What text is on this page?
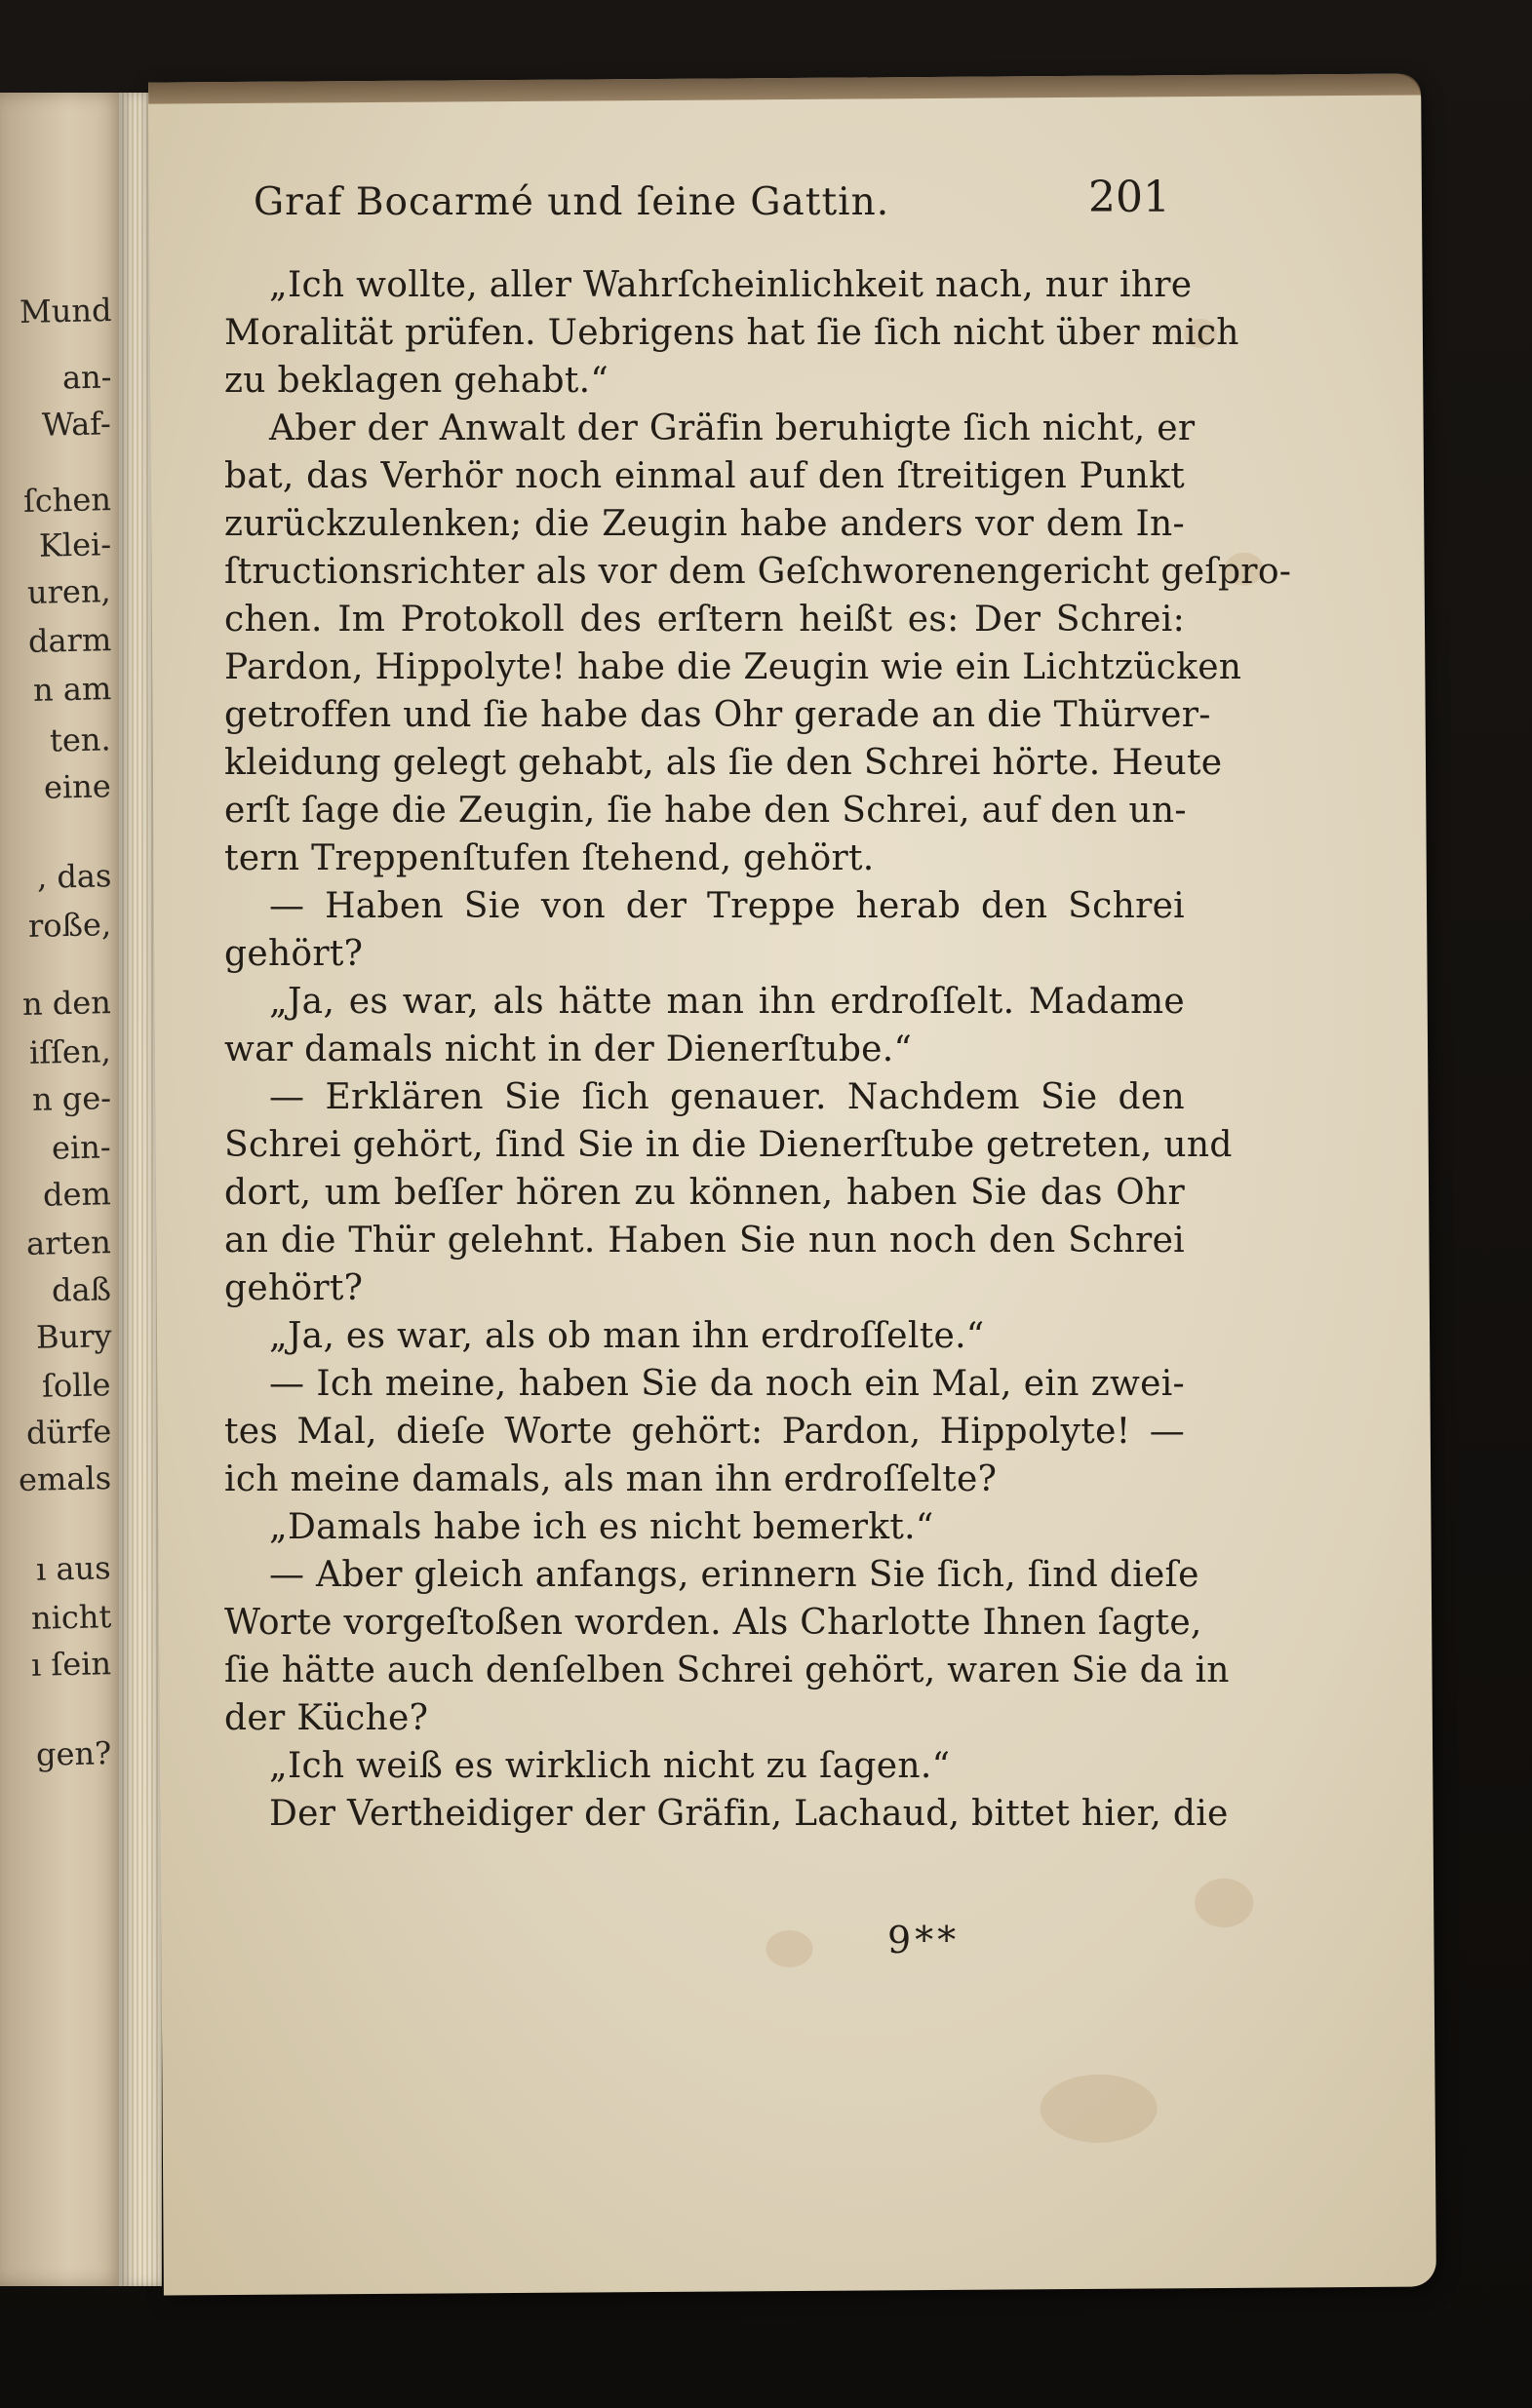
Mund
an-
Waf-
ſchen
Klei-
uren,
darm
n am
ten.
eine
, das
roße,
n den
iſſen,
n ge-
ein-
dem
arten
daß
Bury
ſolle
dürfe
emals
ı aus
nicht
ı ſein
gen?
Graf Bocarmé und ſeine Gattin.	201
„Ich wollte, aller Wahrſcheinlichkeit nach, nur ihre
Moralität prüfen. Uebrigens hat ſie ſich nicht über mich
zu beklagen gehabt.“
Aber der Anwalt der Gräfin beruhigte ſich nicht, er
bat, das Verhör noch einmal auf den ſtreitigen Punkt
zurückzulenken; die Zeugin habe anders vor dem In-
ſtructionsrichter als vor dem Geſchworenengericht geſpro-
chen. Im Protokoll des erſtern heißt es: Der Schrei:
Pardon, Hippolyte! habe die Zeugin wie ein Lichtzücken
getroffen und ſie habe das Ohr gerade an die Thürver-
kleidung gelegt gehabt, als ſie den Schrei hörte. Heute
erſt ſage die Zeugin, ſie habe den Schrei, auf den un-
tern Treppenſtufen ſtehend, gehört.
— Haben Sie von der Treppe herab den Schrei
gehört?
„Ja, es war, als hätte man ihn erdroſſelt. Madame
war damals nicht in der Dienerſtube.“
— Erklären Sie ſich genauer. Nachdem Sie den
Schrei gehört, ſind Sie in die Dienerſtube getreten, und
dort, um beſſer hören zu können, haben Sie das Ohr
an die Thür gelehnt. Haben Sie nun noch den Schrei
gehört?
„Ja, es war, als ob man ihn erdroſſelte.“
— Ich meine, haben Sie da noch ein Mal, ein zwei-
tes Mal, dieſe Worte gehört: Pardon, Hippolyte! —
ich meine damals, als man ihn erdroſſelte?
„Damals habe ich es nicht bemerkt.“
— Aber gleich anfangs, erinnern Sie ſich, ſind dieſe
Worte vorgeſtoßen worden. Als Charlotte Ihnen ſagte,
ſie hätte auch denſelben Schrei gehört, waren Sie da in
der Küche?
„Ich weiß es wirklich nicht zu ſagen.“
Der Vertheidiger der Gräfin, Lachaud, bittet hier, die
9**
